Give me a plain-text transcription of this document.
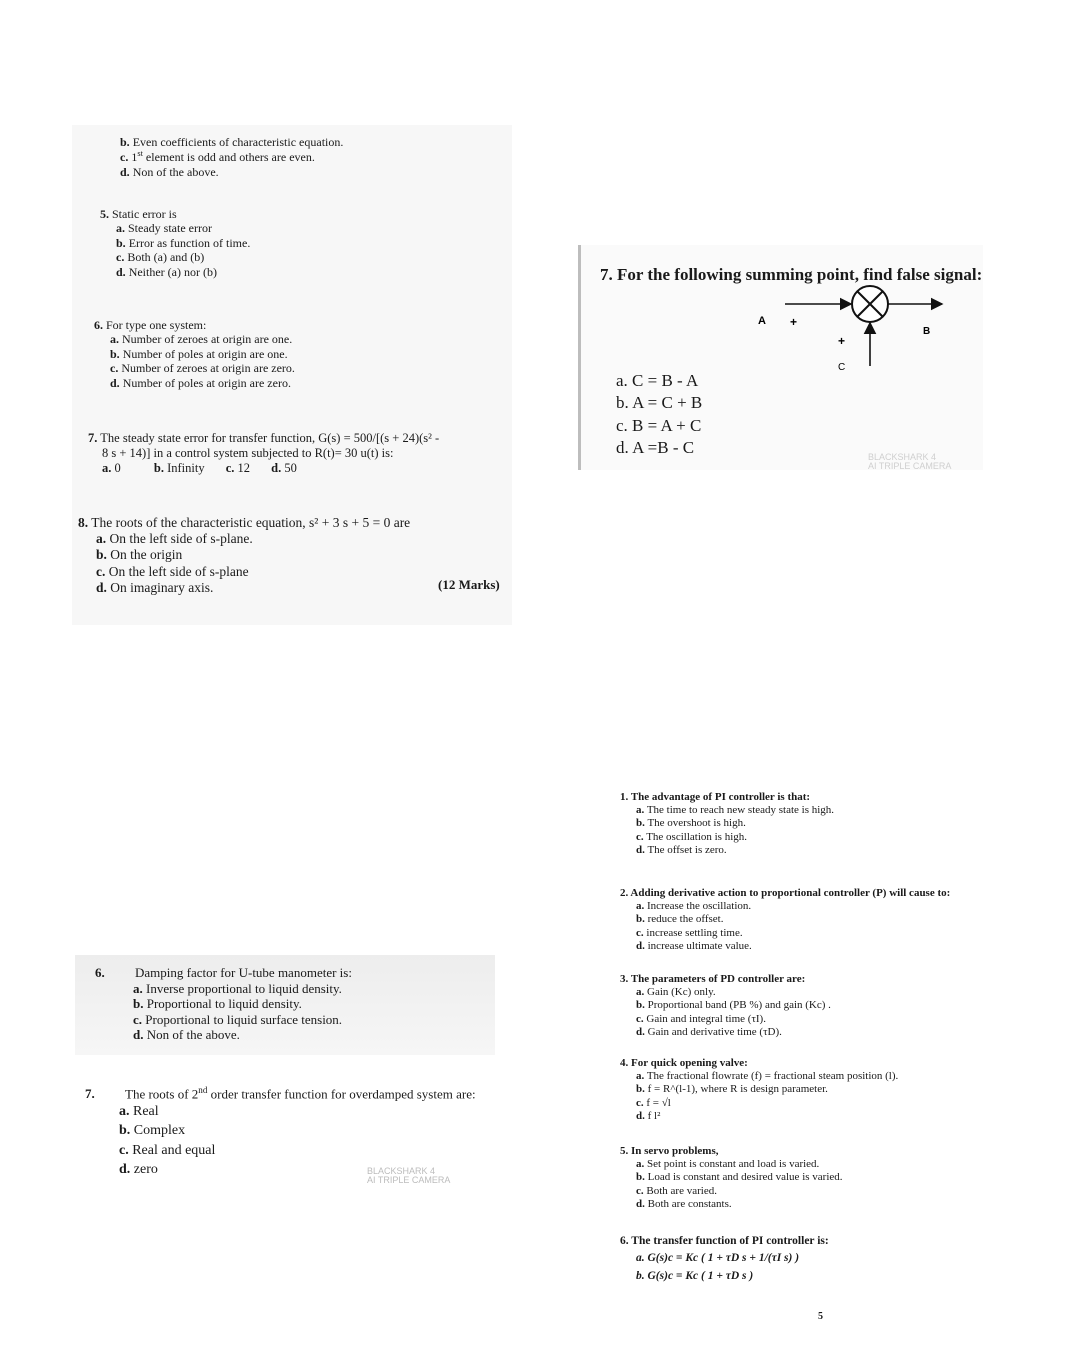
b. Even coefficients of characteristic equation.
c. 1st element is odd and others are even.
d. Non of the above.
5. Static error is
a. Steady state error
b. Error as function of time.
c. Both (a) and (b)
d. Neither (a) nor (b)
6. For type one system:
a. Number of zeroes at origin are one.
b. Number of poles at origin are one.
c. Number of zeroes at origin are zero.
d. Number of poles at origin are zero.
7. The steady state error for transfer function, G(s) = 500/[(s + 24)(s² -
8 s + 14)] in a control system subjected to R(t)= 30 u(t) is:
a. 0	b. Infinity c. 12 d. 50
8. The roots of the characteristic equation, s² + 3 s + 5 = 0 are
a. On the left side of s-plane.
b. On the origin
c. On the left side of s-plane
d. On imaginary axis.	(12 Marks)
7. For the following summing point, find false signal:
a. C = B - A
b. A = C + B
c. B = A + C
d. A =B - C	BLACKSHARK 4
AI TRIPLE CAMERA
A +
B
+
C
6. Damping factor for U-tube manometer is:
a. Inverse proportional to liquid density.
b. Proportional to liquid density.
c. Proportional to liquid surface tension.
d. Non of the above.
7. The roots of 2nd order transfer function for overdamped system are:
a. Real
b. Complex
c. Real and equal
d. zero	BLACKSHARK 4
AI TRIPLE CAMERA
1. The advantage of PI controller is that:
a. The time to reach new steady state is high.
b. The overshoot is high.
c. The oscillation is high.
d. The offset is zero.
2. Adding derivative action to proportional controller (P) will cause to:
a. Increase the oscillation.
b. reduce the offset.
c. increase settling time.
d. increase ultimate value.
3. The parameters of PD controller are:
a. Gain (Kc) only.
b. Proportional band (PB %) and gain (Kc) .
c. Gain and integral time (τI).
d. Gain and derivative time (τD).
4. For quick opening valve:
a. The fractional flowrate (f) = fractional steam position (l).
b. f = R^(l-1), where R is design parameter.
c. f = √l
d. f l²
5. In servo problems,
a. Set point is constant and load is varied.
b. Load is constant and desired value is varied.
c. Both are varied.
d. Both are constants.
6. The transfer function of PI controller is:
a. G(s)c = Kc ( 1 + τD s + 1/(τI s) )
b. G(s)c = Kc ( 1 + τD s )
5
